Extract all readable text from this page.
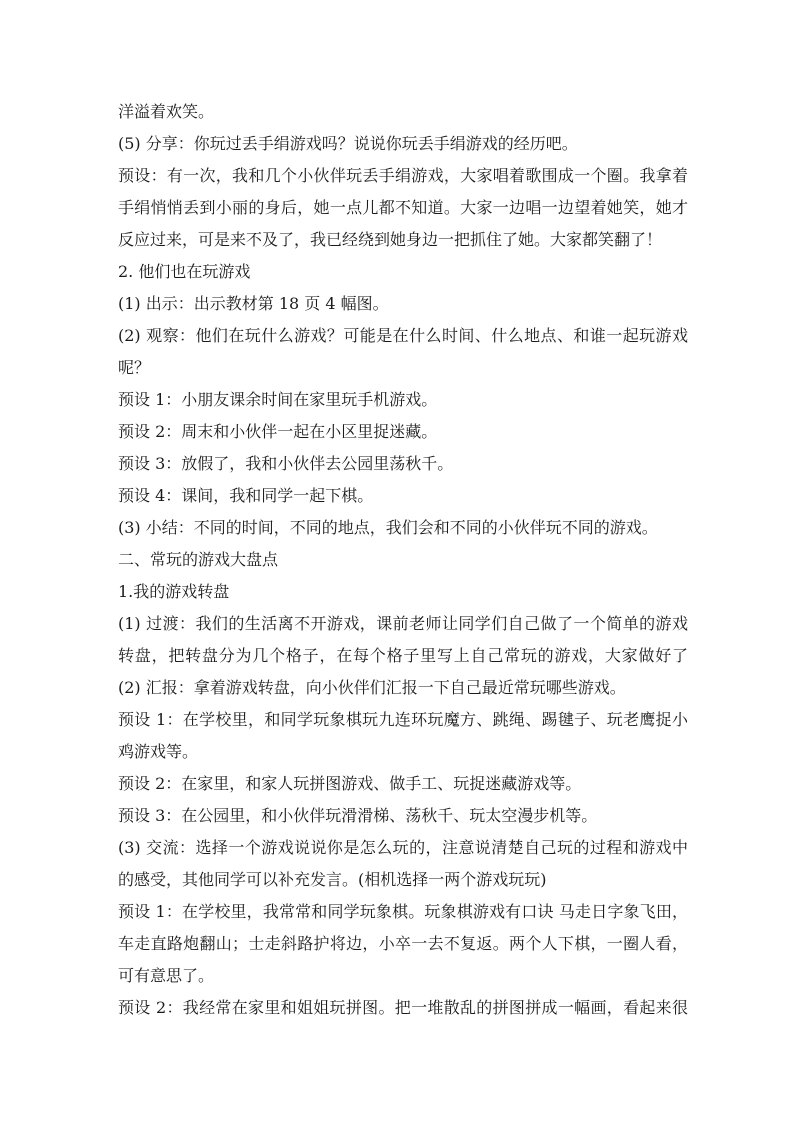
洋溢着欢笑。
(5) 分享：你玩过丢手绢游戏吗？说说你玩丢手绢游戏的经历吧。
预设：有一次，我和几个小伙伴玩丢手绢游戏，大家唱着歌围成一个圈。我拿着
手绢悄悄丢到小丽的身后，她一点儿都不知道。大家一边唱一边望着她笑，她才
反应过来，可是来不及了，我已经绕到她身边一把抓住了她。大家都笑翻了！
2. 他们也在玩游戏
(1) 出示：出示教材第 18 页 4 幅图。
(2) 观察：他们在玩什么游戏？可能是在什么时间、什么地点、和谁一起玩游戏
呢？
预设 1：小朋友课余时间在家里玩手机游戏。
预设 2：周末和小伙伴一起在小区里捉迷藏。
预设 3：放假了，我和小伙伴去公园里荡秋千。
预设 4：课间，我和同学一起下棋。
(3) 小结：不同的时间，不同的地点，我们会和不同的小伙伴玩不同的游戏。
二、常玩的游戏大盘点
1.我的游戏转盘
(1) 过渡：我们的生活离不开游戏，课前老师让同学们自己做了一个简单的游戏
转盘，把转盘分为几个格子，在每个格子里写上自己常玩的游戏，大家做好了
(2) 汇报：拿着游戏转盘，向小伙伴们汇报一下自己最近常玩哪些游戏。
预设 1：在学校里，和同学玩象棋玩九连环玩魔方、跳绳、踢毽子、玩老鹰捉小
鸡游戏等。
预设 2：在家里，和家人玩拼图游戏、做手工、玩捉迷藏游戏等。
预设 3：在公园里，和小伙伴玩滑滑梯、荡秋千、玩太空漫步机等。
(3) 交流：选择一个游戏说说你是怎么玩的，注意说清楚自己玩的过程和游戏中
的感受，其他同学可以补充发言。(相机选择一两个游戏玩玩)
预设 1：在学校里，我常常和同学玩象棋。玩象棋游戏有口诀 马走日字象飞田，
车走直路炮翻山；士走斜路护将边，小卒一去不复返。两个人下棋，一圈人看，
可有意思了。
预设 2：我经常在家里和姐姐玩拼图。把一堆散乱的拼图拼成一幅画，看起来很
